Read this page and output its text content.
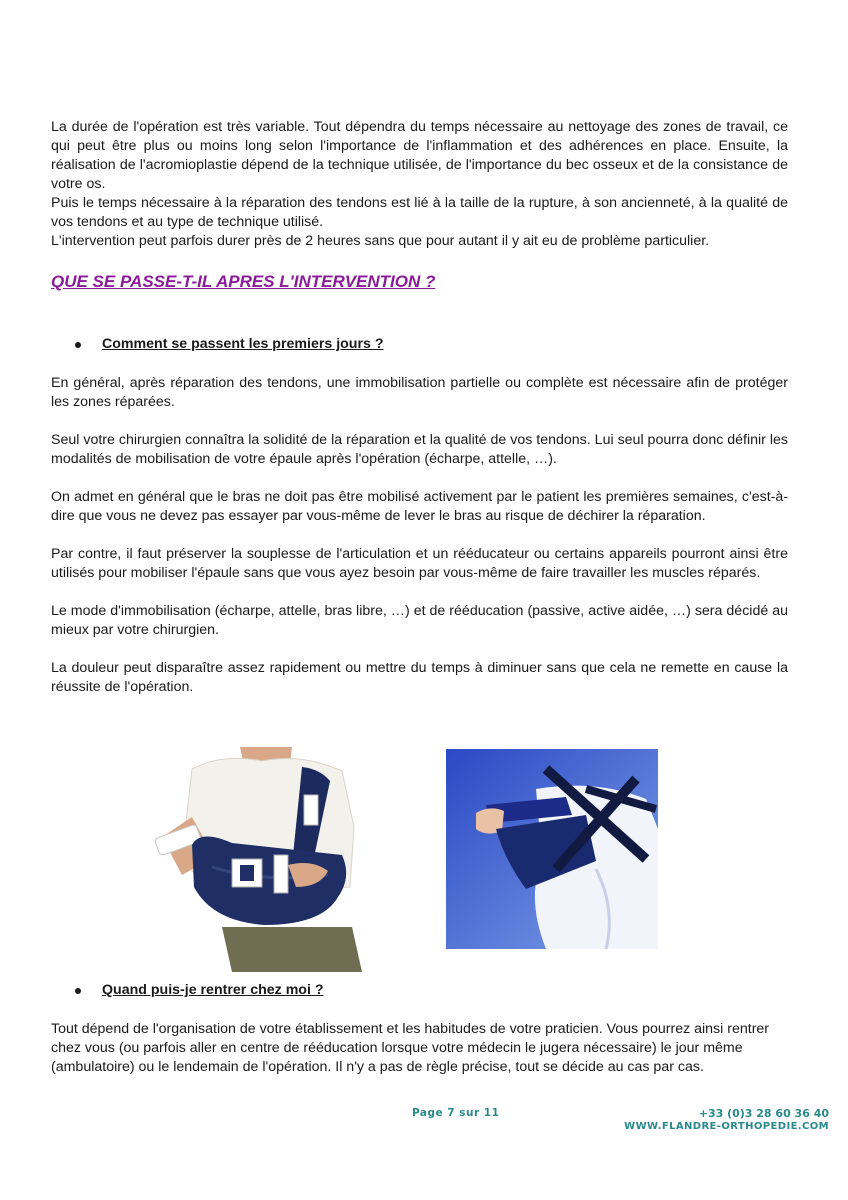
La durée de l'opération est très variable. Tout dépendra du temps nécessaire au nettoyage des zones de travail, ce qui peut être plus ou moins long selon l'importance de l'inflammation et des adhérences en place. Ensuite, la réalisation de l'acromioplastie dépend de la technique utilisée, de l'importance du bec osseux et de la consistance de votre os.

Puis le temps nécessaire à la réparation des tendons est lié à la taille de la rupture, à son ancienneté, à la qualité de vos tendons et au type de technique utilisé.

L'intervention peut parfois durer près de 2 heures sans que pour autant il y ait eu de problème particulier.

QUE SE PASSE-T-IL APRES L'INTERVENTION ?
Comment se passent les premiers jours ?

En général, après réparation des tendons, une immobilisation partielle ou complète est nécessaire afin de protéger les zones réparées.

Seul votre chirurgien connaîtra la solidité de la réparation et la qualité de vos tendons. Lui seul pourra donc définir les modalités de mobilisation de votre épaule après l'opération (écharpe, attelle, …).

On admet en général que le bras ne doit pas être mobilisé activement par le patient les premières semaines, c'est-à-dire que vous ne devez pas essayer par vous-même de lever le bras au risque de déchirer la réparation.

Par contre, il faut préserver la souplesse de l'articulation et un rééducateur ou certains appareils pourront ainsi être utilisés pour mobiliser l'épaule sans que vous ayez besoin par vous-même de faire travailler les muscles réparés.

Le mode d'immobilisation (écharpe, attelle, bras libre, …) et de rééducation (passive, active aidée, …) sera décidé au mieux par votre chirurgien.

La douleur peut disparaître assez rapidement ou mettre du temps à diminuer sans que cela ne remette en cause la réussite de l'opération.

Quand puis-je rentrer chez moi ?

Tout dépend de l'organisation de votre établissement et les habitudes de votre praticien. Vous pourrez ainsi rentrer chez vous (ou parfois aller en centre de rééducation lorsque votre médecin le jugera nécessaire) le jour même (ambulatoire) ou le lendemain de l'opération. Il n'y a pas de règle précise, tout se décide au cas par cas.

Page 7 sur 11	+33 (0)3 28 60 36 40
WWW.FLANDRE-ORTHOPEDIE.COM
